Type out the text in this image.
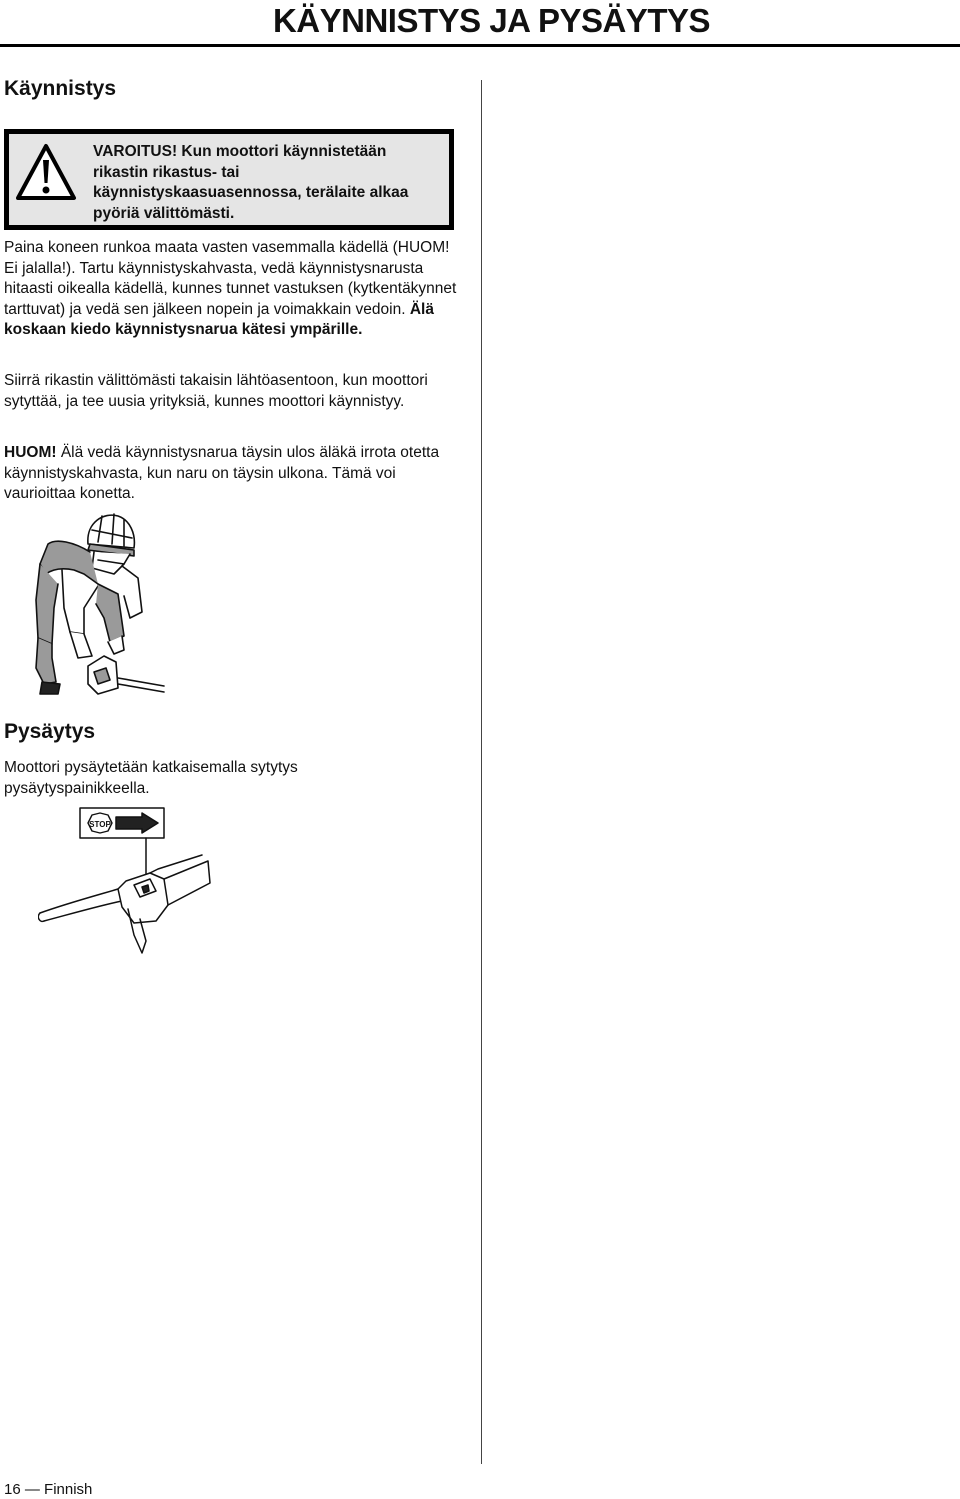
KÄYNNISTYS JA PYSÄYTYS
Käynnistys
VAROITUS! Kun moottori käynnistetään rikastin rikastus- tai käynnistyskaasuasennossa, terälaite alkaa pyöriä välittömästi.

Paina koneen runkoa maata vasten vasemmalla kädellä (HUOM! Ei jalalla!). Tartu käynnistyskahvasta, vedä käynnistysnarusta hitaasti oikealla kädellä, kunnes tunnet vastuksen (kytkentäkynnet tarttuvat) ja vedä sen jälkeen nopein ja voimakkain vedoin. Älä koskaan kiedo käynnistysnarua kätesi ympärille.

Siirrä rikastin välittömästi takaisin lähtöasentoon, kun moottori sytyttää, ja tee uusia yrityksiä, kunnes moottori käynnistyy.

HUOM! Älä vedä käynnistysnarua täysin ulos äläkä irrota otetta käynnistyskahvasta, kun naru on täysin ulkona. Tämä voi vaurioittaa konetta.

Pysäytys

Moottori pysäytetään katkaisemalla sytytys pysäytyspainikkeella.

STOP
16 — Finnish
